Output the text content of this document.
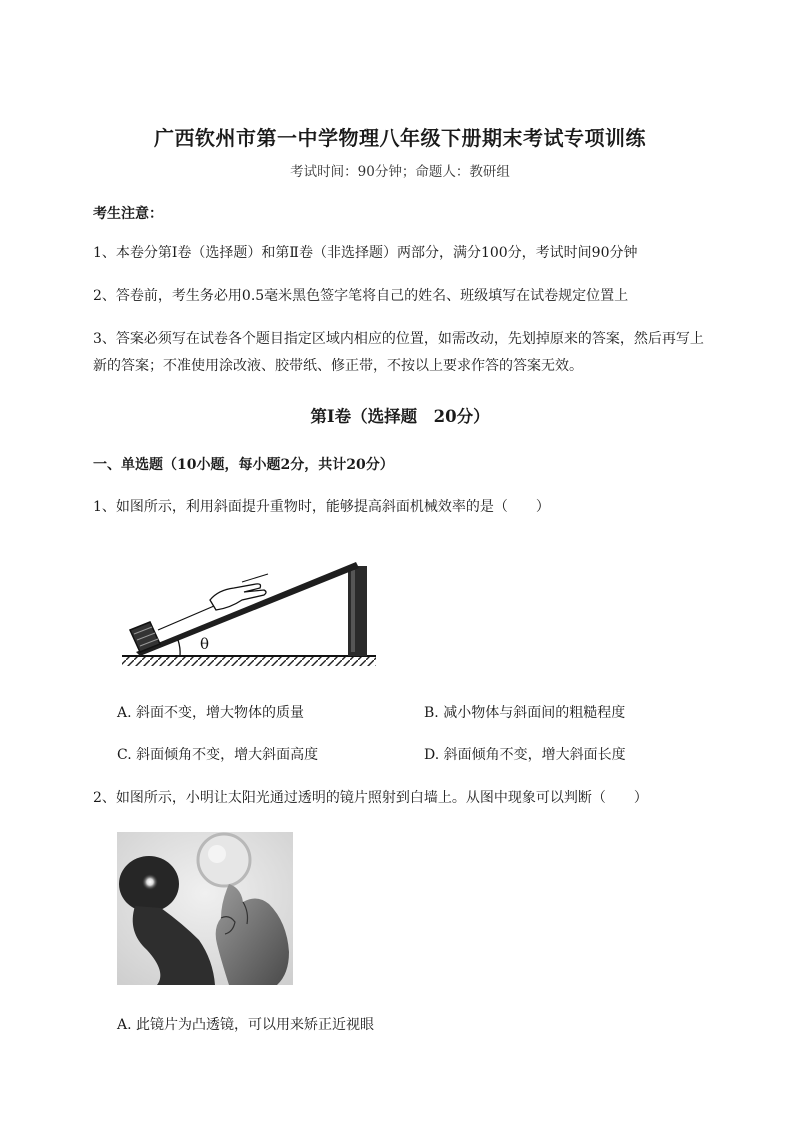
广西钦州市第一中学物理八年级下册期末考试专项训练
考试时间：90分钟；命题人：教研组
考生注意：
1、本卷分第I卷（选择题）和第Ⅱ卷（非选择题）两部分，满分100分，考试时间90分钟
2、答卷前，考生务必用0.5毫米黑色签字笔将自己的姓名、班级填写在试卷规定位置上
3、答案必须写在试卷各个题目指定区域内相应的位置，如需改动，先划掉原来的答案，然后再写上新的答案；不准使用涂改液、胶带纸、修正带，不按以上要求作答的答案无效。
第I卷（选择题　20分）
一、单选题（10小题，每小题2分，共计20分）
1、如图所示，利用斜面提升重物时，能够提高斜面机械效率的是（　　）
θ
A. 斜面不变，增大物体的质量	B. 减小物体与斜面间的粗糙程度
C. 斜面倾角不变，增大斜面高度	D. 斜面倾角不变，增大斜面长度
2、如图所示，小明让太阳光通过透明的镜片照射到白墙上。从图中现象可以判断（　　）
A. 此镜片为凸透镜，可以用来矫正近视眼
